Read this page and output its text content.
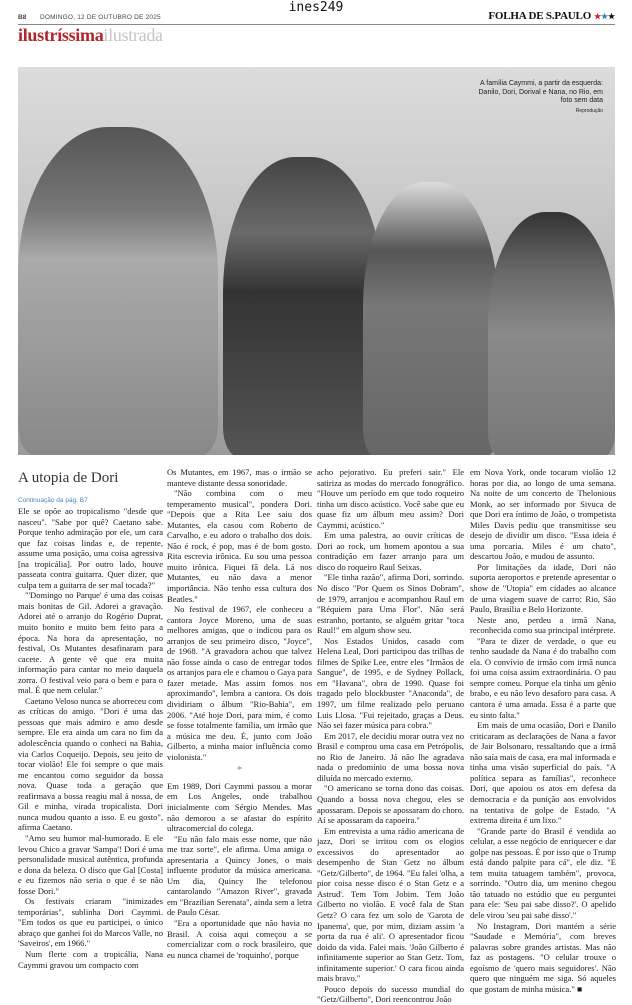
ines249
B8 DOMINGO, 12 DE OUTUBRO DE 2025	FOLHA DE S.PAULO ★★★
ilustríssimailustrada
A família Caymmi, a partir da esquerda: Danilo, Dori, Dorival e Nana, no Rio, em foto sem data
Reprodução
A utopia de Dori
Continuação da pág. B7

Ele se opõe ao tropicalismo "desde que nasceu". "Sabe por quê? Caetano sabe. Porque tenho admiração por ele, um cara que faz coisas lindas e, de repente, assume uma posição, uma coisa agressiva [na tropicália]. Por outro lado, houve passeata contra guitarra. Quer dizer, que culpa tem a guitarra de ser mal tocada?"

"'Domingo no Parque' é uma das coisas mais bonitas de Gil. Adorei a gravação. Adorei até o arranjo do Rogério Duprat, muito bonito e muito bem feito para a época. Na hora da apresentação, no festival, Os Mutantes desafinaram para cacete. A gente vê que era muita informação para cantar no meio daquela zorra. O festival veio para o bem e para o mal. É que nem celular."

Caetano Veloso nunca se aborreceu com as críticas do amigo. "Dori é uma das pessoas que mais admiro e amo desde sempre. Ele era ainda um cara no fim da adolescência quando o conheci na Bahia, via Carlos Coqueijo. Depois, seu jeito de tocar violão! Ele foi sempre o que mais me encantou como seguidor da bossa nova. Quase toda a geração que reafirmava a bossa reagiu mal à nossa, de Gil e minha, virada tropicalista. Dori nunca mudou quanto a isso. E eu gosto", afirma Caetano.

"Amo seu humor mal-humorado. E ele levou Chico a gravar 'Sampa'! Dori é uma personalidade musical autêntica, profunda e dona da beleza. O disco que Gal [Costa] e eu fizemos não seria o que é se não fosse Dori."

Os festivais criaram "inimizades temporárias", sublinha Dori Caymmi. "Em todos os que eu participei, o único abraço que ganhei foi do Marcos Valle, no 'Saveiros', em 1966."

Num flerte com a tropicália, Nana Caymmi gravou um compacto com

Os Mutantes, em 1967, mas o irmão se manteve distante dessa sonoridade.

"Não combina com o meu temperamento musical", pondera Dori. "Depois que a Rita Lee saiu dos Mutantes, ela casou com Roberto de Carvalho, e eu adoro o trabalho dos dois. Não é rock, é pop, mas é de bom gosto. Rita escrevia irônica. Eu sou uma pessoa muito irônica. Fiquei fã dela. Lá nos Mutantes, eu não dava a menor importância. Não tenho essa cultura dos Beatles."

No festival de 1967, ele conheceu a cantora Joyce Moreno, uma de suas melhores amigas, que o indicou para os arranjos de seu primeiro disco, "Joyce", de 1968. "A gravadora achou que talvez não fosse ainda o caso de entregar todos os arranjos para ele e chamou o Gaya para fazer metade. Mas assim fomos nos aproximando", lembra a cantora. Os dois dividiriam o álbum "Rio-Bahia", em 2006. "Até hoje Dori, para mim, é como se fosse totalmente família, um irmão que a música me deu. É, junto com João Gilberto, a minha maior influência como violonista."

*

Em 1989, Dori Caymmi passou a morar em Los Angeles, onde trabalhou inicialmente com Sérgio Mendes. Mas não demorou a se afastar do espírito ultracomercial do colega.

"Eu não falo mais esse nome, que não me traz sorte", ele afirma. Uma amiga o apresentaria a Quincy Jones, o mais influente produtor da música americana. Um dia, Quincy lhe telefonou cantarolando "Amazon River", gravada em "Brazilian Serenata", ainda sem a letra de Paulo César.

"Era a oportunidade que não havia no Brasil. A coisa aqui começou a se comercializar com o rock brasileiro, que eu nunca chamei de 'roquinho', porque

acho pejorativo. Eu preferi sair." Ele satiriza as modas do mercado fonográfico. "Houve um período em que todo roqueiro tinha um disco acústico. Você sabe que eu quase fiz um álbum meu assim? Dori Caymmi, acústico."

Em uma palestra, ao ouvir críticas de Dori ao rock, um homem apontou a sua contradição em fazer arranjo para um disco do roqueiro Raul Seixas.

"Ele tinha razão", afirma Dori, sorrindo. No disco "Por Quem os Sinos Dobram", de 1979, arranjou e acompanhou Raul em "Réquiem para Uma Flor". Não será estranho, portanto, se alguém gritar "toca Raul!" em algum show seu.

Nos Estados Unidos, casado com Helena Leal, Dori participou das trilhas de filmes de Spike Lee, entre eles "Irmãos de Sangue", de 1995, e de Sydney Pollack, em "Havana", obra de 1990. Quase foi tragado pelo blockbuster "Anaconda", de 1997, um filme realizado pelo peruano Luis Llosa. "Fui rejeitado, graças a Deus. Não sei fazer música para cobra."

Em 2017, ele decidiu morar outra vez no Brasil e comprou uma casa em Petrópolis, no Rio de Janeiro. Já não lhe agradava nada o predomínio de uma bossa nova diluída no mercado externo.

"O americano se torna dono das coisas. Quando a bossa nova chegou, eles se apossaram. Depois se apossaram do choro. Aí se apossaram da capoeira."

Em entrevista a uma rádio americana de jazz, Dori se irritou com os elogios excessivos do apresentador ao desempenho de Stan Getz no álbum "Getz/Gilberto", de 1964. "Eu falei 'olha, a pior coisa nesse disco é o Stan Getz e a Astrud'. Tem Tom Jobim. Tem João Gilberto no violão. E você fala de Stan Getz? O cara fez um solo de 'Garota de Ipanema', que, por mim, diziam assim 'a porta da rua é ali'. O apresentador ficou doido da vida. Falei mais. 'João Gilberto é infinitamente superior ao Stan Getz. Tom, infinitamente superior.' O cara ficou ainda mais bravo."

Pouco depois do sucesso mundial do "Getz/Gilberto", Dori reencontrou João

em Nova York, onde tocaram violão 12 horas por dia, ao longo de uma semana. Na noite de um concerto de Thelonious Monk, ao ser informado por Sivuca de que Dori era íntimo de João, o trompetista Miles Davis pediu que transmitisse seu desejo de dividir um disco. "Essa ideia é uma porcaria. Miles é um chato", descartou João, e mudou de assunto.

Por limitações da idade, Dori não suporta aeroportos e pretende apresentar o show de "Utopia" em cidades ao alcance de uma viagem suave de carro: Rio, São Paulo, Brasília e Belo Horizonte.

Neste ano, perdeu a irmã Nana, reconhecida como sua principal intérprete.

"Para te dizer de verdade, o que eu tenho saudade da Nana é do trabalho com ela. O convívio de irmão com irmã nunca foi uma coisa assim extraordinária. O pau sempre comeu. Porque ela tinha um gênio brabo, e eu não levo desaforo para casa. A cantora é uma amada. Essa é a parte que eu sinto falta."

Em mais de uma ocasião, Dori e Danilo criticaram as declarações de Nana a favor de Jair Bolsonaro, ressaltando que a irmã não saía mais de casa, era mal informada e tinha uma visão superficial do país. "A política separa as famílias", reconhece Dori, que apoiou os atos em defesa da democracia e da punição aos envolvidos na tentativa de golpe de Estado. "A extrema direita é um lixo."

"Grande parte do Brasil é vendida ao celular, a esse negócio de enriquecer e dar golpe nas pessoas. É por isso que o Trump está dando palpite para cá", ele diz. "E tem muita tatuagem também", provoca, sorrindo. "Outro dia, um menino chegou tão tatuado no estúdio que eu perguntei para ele: 'Seu pai sabe disso?'. O apelido dele virou 'seu pai sabe disso'."

No Instagram, Dori mantém a série "Saudade e Memória", com breves palavras sobre grandes artistas. Mas não faz as postagens. "O celular trouxe o egoísmo de 'quero mais seguidores'. Não quero que ninguém me siga. Só aqueles que gostam de minha música." ■
